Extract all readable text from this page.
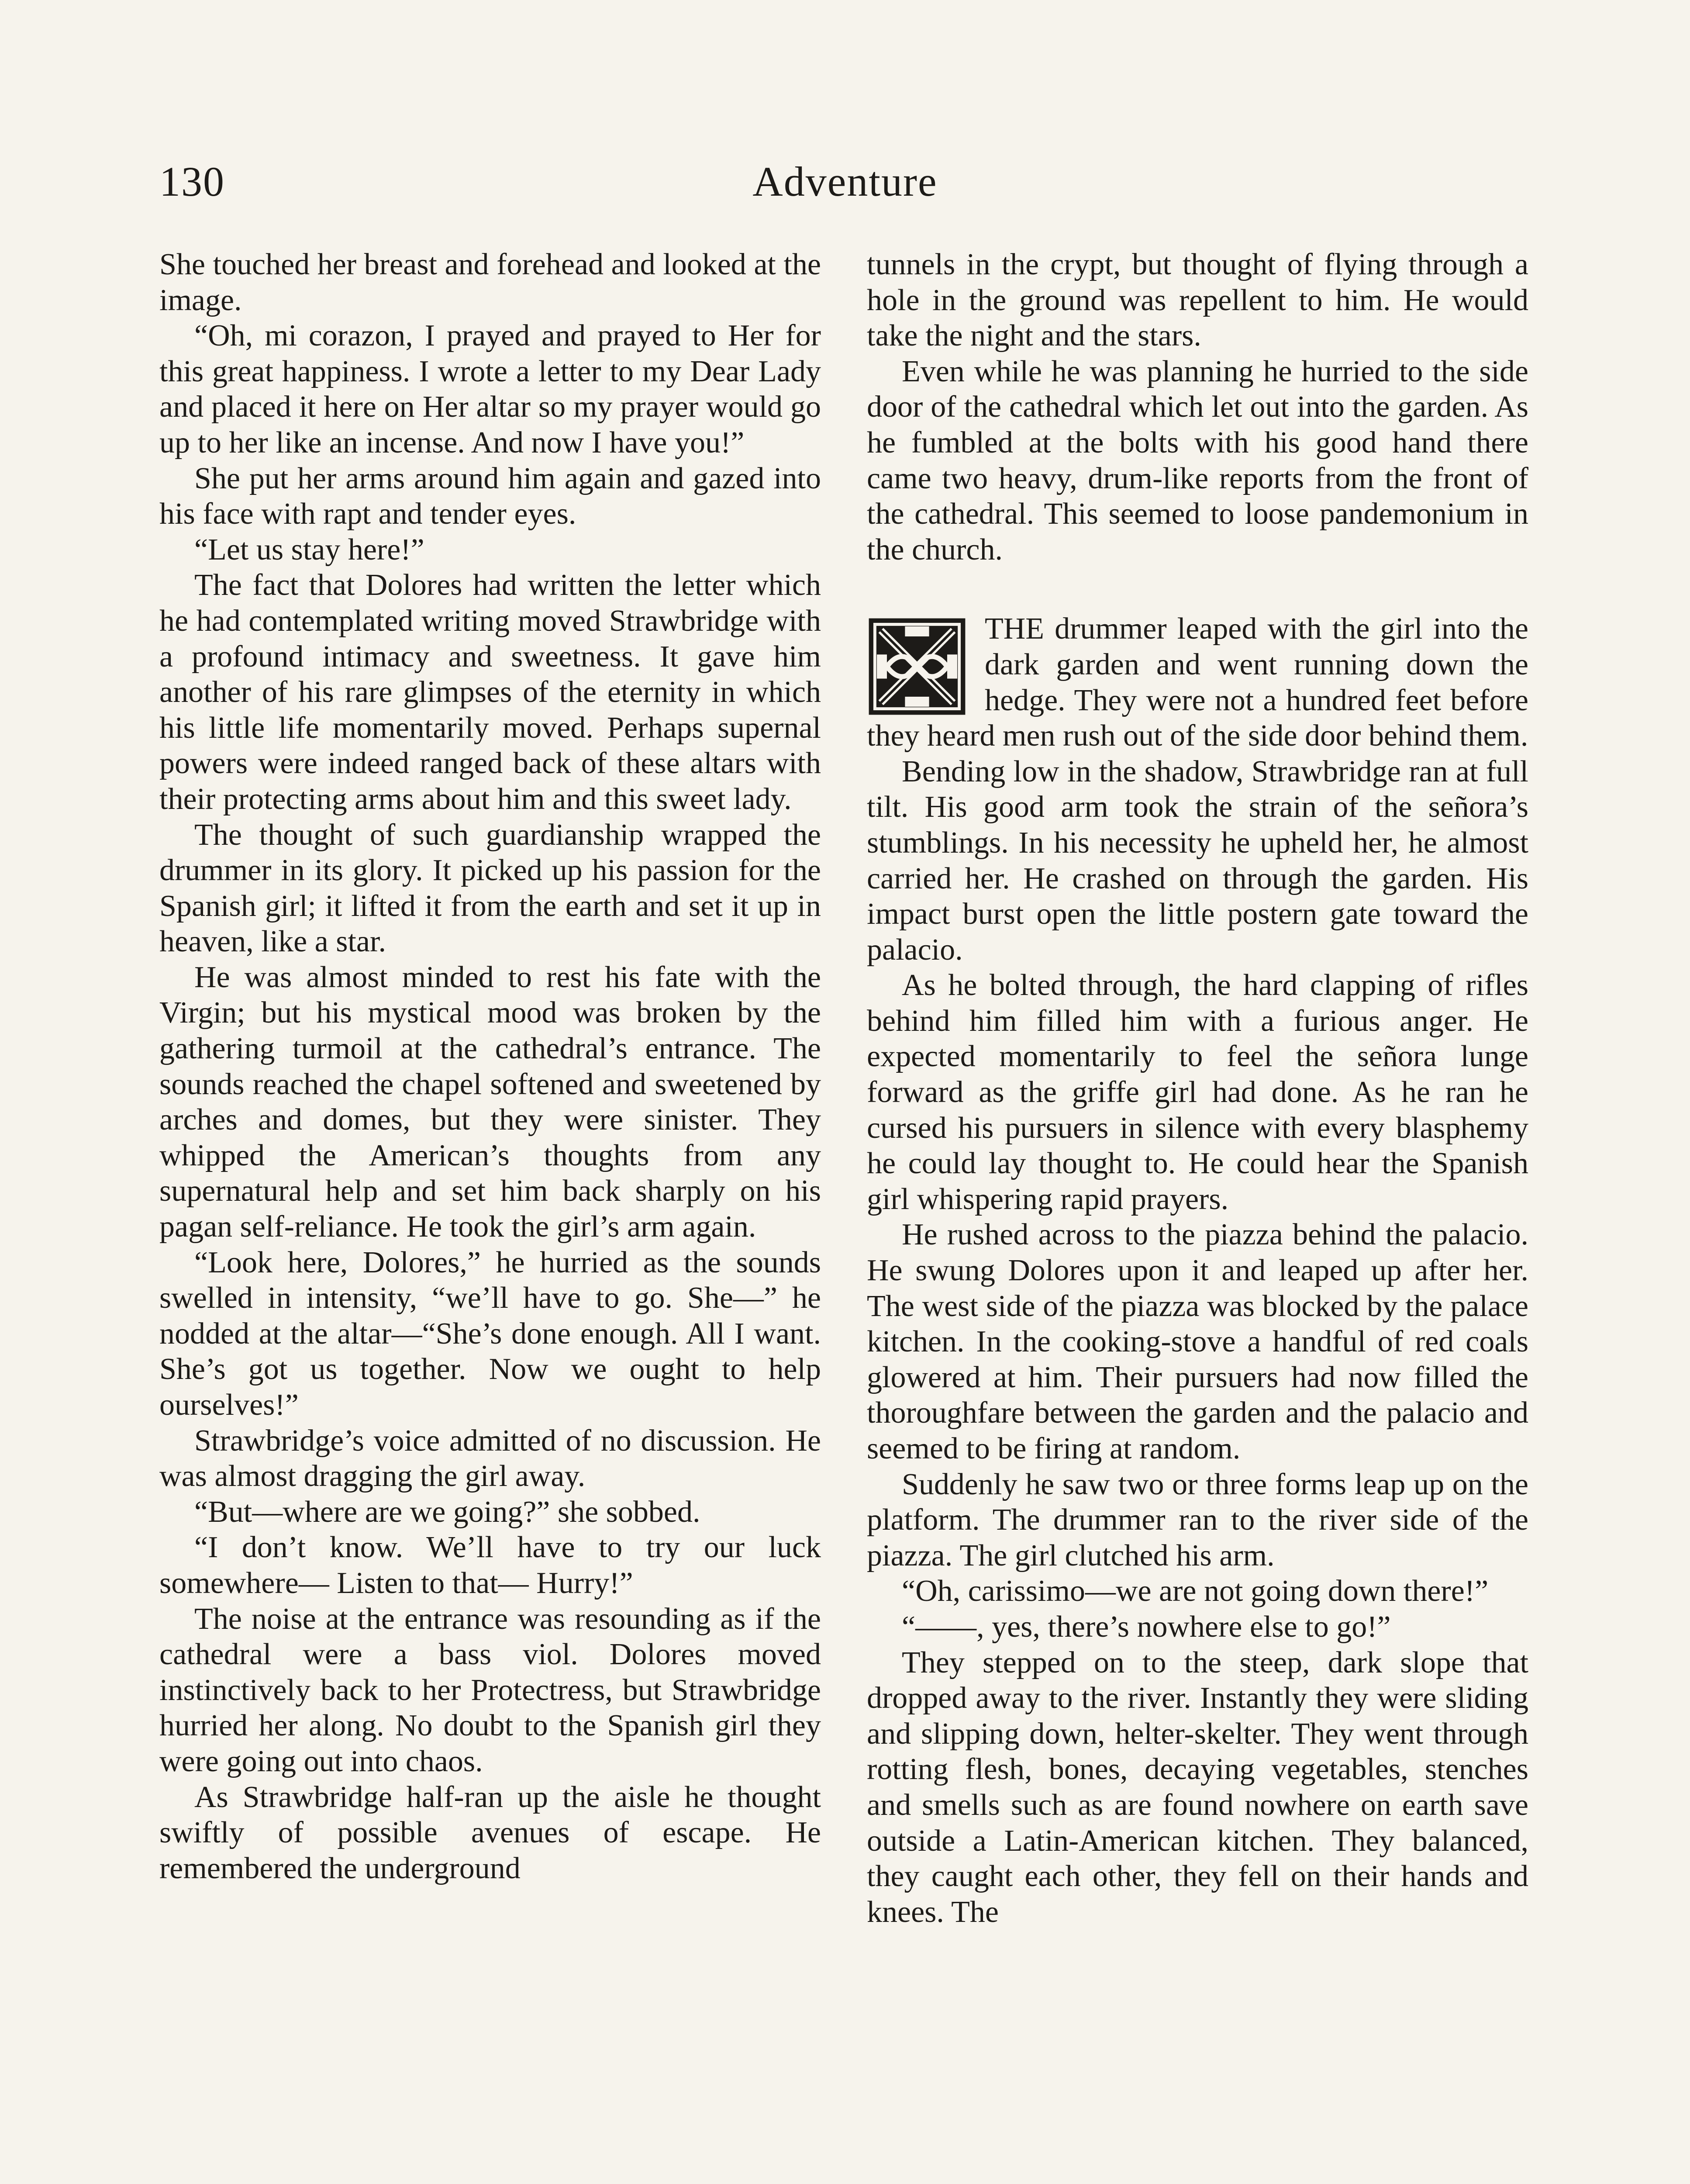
130	Adventure

She touched her breast and forehead and looked at the image.

“Oh, mi corazon, I prayed and prayed to Her for this great happiness. I wrote a letter to my Dear Lady and placed it here on Her altar so my prayer would go up to her like an incense. And now I have you!”

She put her arms around him again and gazed into his face with rapt and tender eyes.

“Let us stay here!”

The fact that Dolores had written the letter which he had contemplated writing moved Strawbridge with a profound intimacy and sweetness. It gave him another of his rare glimpses of the eternity in which his little life momentarily moved. Perhaps supernal powers were indeed ranged back of these altars with their protecting arms about him and this sweet lady.

The thought of such guardianship wrapped the drummer in its glory. It picked up his passion for the Spanish girl; it lifted it from the earth and set it up in heaven, like a star.

He was almost minded to rest his fate with the Virgin; but his mystical mood was broken by the gathering turmoil at the cathedral’s entrance. The sounds reached the chapel softened and sweetened by arches and domes, but they were sinister. They whipped the American’s thoughts from any supernatural help and set him back sharply on his pagan self-reliance. He took the girl’s arm again.

“Look here, Dolores,” he hurried as the sounds swelled in intensity, “we’ll have to go. She—” he nodded at the altar—“She’s done enough. All I want. She’s got us together. Now we ought to help ourselves!”

Strawbridge’s voice admitted of no discussion. He was almost dragging the girl away.

“But—where are we going?” she sobbed.

“I don’t know. We’ll have to try our luck somewhere— Listen to that— Hurry!”

The noise at the entrance was resounding as if the cathedral were a bass viol. Dolores moved instinctively back to her Protectress, but Strawbridge hurried her along. No doubt to the Spanish girl they were going out into chaos.

As Strawbridge half-ran up the aisle he thought swiftly of possible avenues of escape. He remembered the underground

tunnels in the crypt, but thought of flying through a hole in the ground was repellent to him. He would take the night and the stars.

Even while he was planning he hurried to the side door of the cathedral which let out into the garden. As he fumbled at the bolts with his good hand there came two heavy, drum-like reports from the front of the cathedral. This seemed to loose pandemonium in the church.

THE drummer leaped with the girl into the dark garden and went running down the hedge. They were not a hundred feet before they heard men rush out of the side door behind them.

Bending low in the shadow, Strawbridge ran at full tilt. His good arm took the strain of the señora’s stumblings. In his necessity he upheld her, he almost carried her. He crashed on through the garden. His impact burst open the little postern gate toward the palacio.

As he bolted through, the hard clapping of rifles behind him filled him with a furious anger. He expected momentarily to feel the señora lunge forward as the griffe girl had done. As he ran he cursed his pursuers in silence with every blasphemy he could lay thought to. He could hear the Spanish girl whispering rapid prayers.

He rushed across to the piazza behind the palacio. He swung Dolores upon it and leaped up after her. The west side of the piazza was blocked by the palace kitchen. In the cooking-stove a handful of red coals glowered at him. Their pursuers had now filled the thoroughfare between the garden and the palacio and seemed to be firing at random.

Suddenly he saw two or three forms leap up on the platform. The drummer ran to the river side of the piazza. The girl clutched his arm.

“Oh, carissimo—we are not going down there!”

“——, yes, there’s nowhere else to go!”

They stepped on to the steep, dark slope that dropped away to the river. Instantly they were sliding and slipping down, helter-skelter. They went through rotting flesh, bones, decaying vegetables, stenches and smells such as are found nowhere on earth save outside a Latin-American kitchen. They balanced, they caught each other, they fell on their hands and knees. The
